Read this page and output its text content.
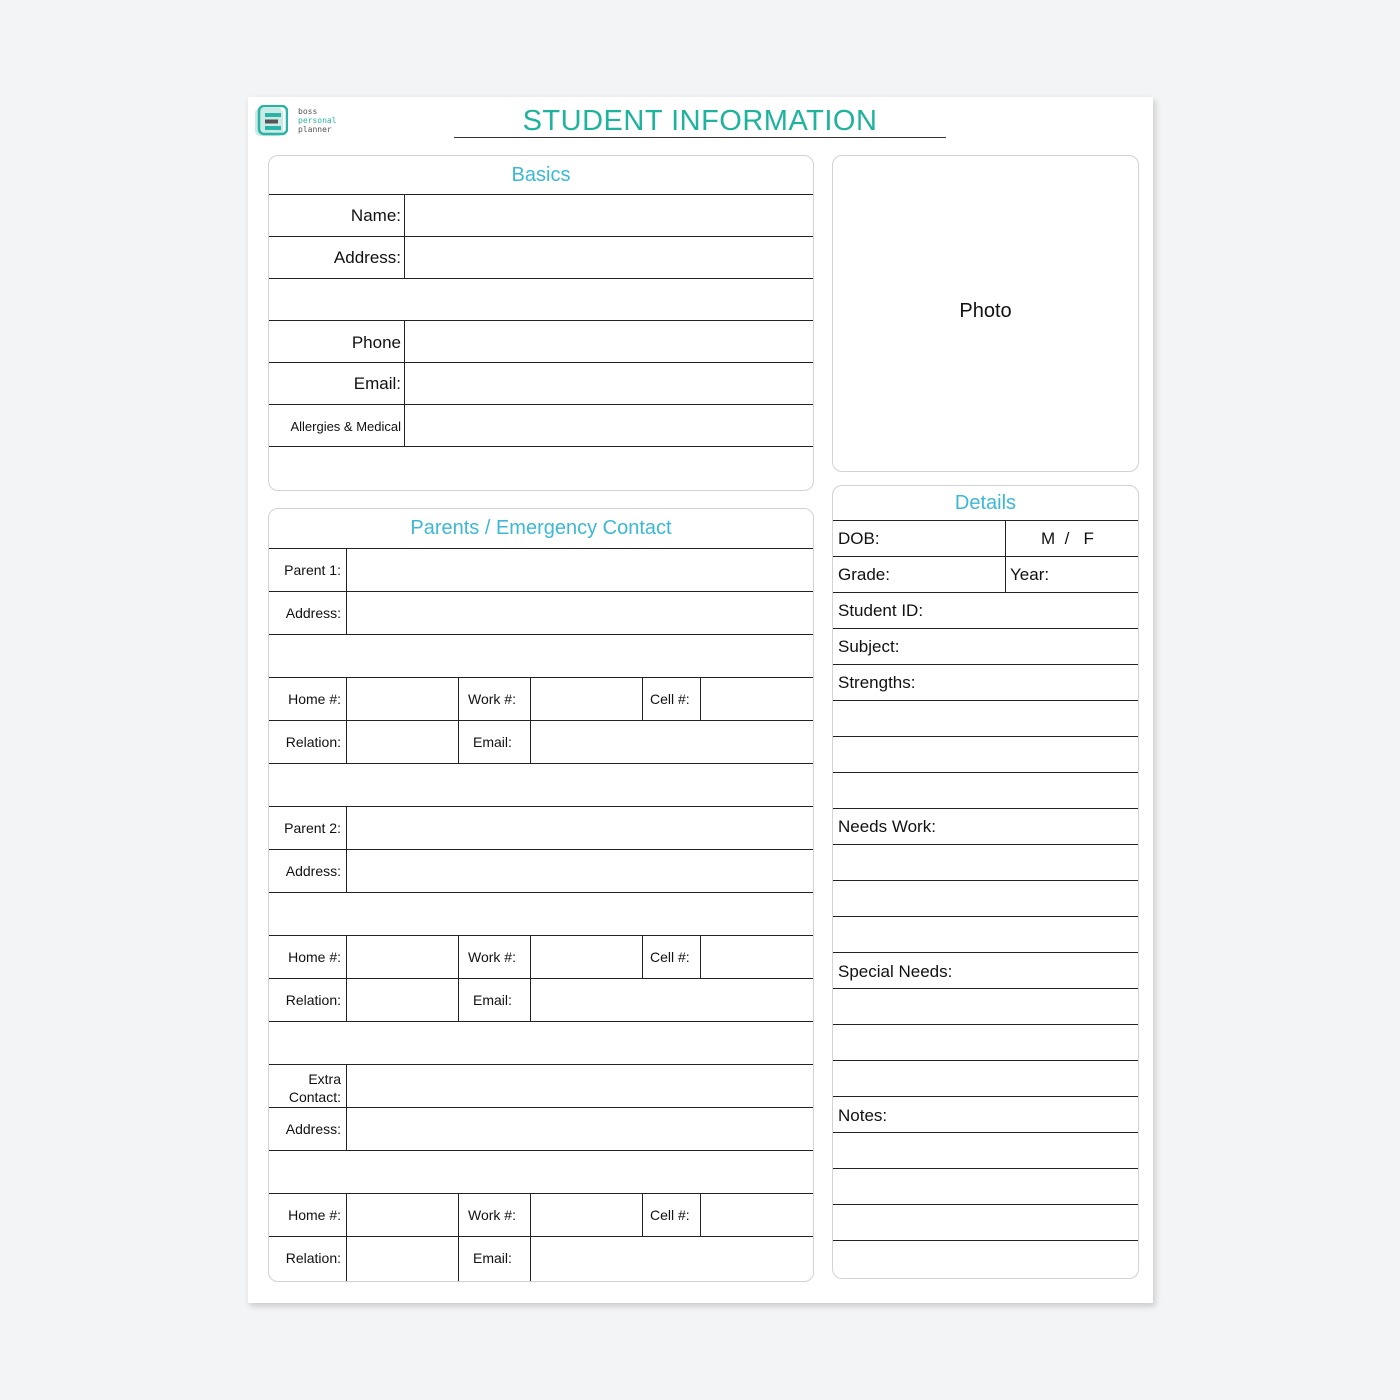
boss
personal
planner	STUDENT INFORMATION
Basics
Name:
Address:
Phone
Email:
Allergies & Medical
Photo
Parents / Emergency Contact
Parent 1:
Address:
Home #:	Work #:	Cell #:
Relation:	Email:
Parent 2:
Address:
Home #:	Work #:	Cell #:
Relation:	Email:
Extra
Contact:
Address:
Home #:	Work #:	Cell #:
Relation:	Email:
Details
DOB:	M  /   F
Grade:	Year:
Student ID:
Subject:
Strengths:
Needs Work:
Special Needs:
Notes:
